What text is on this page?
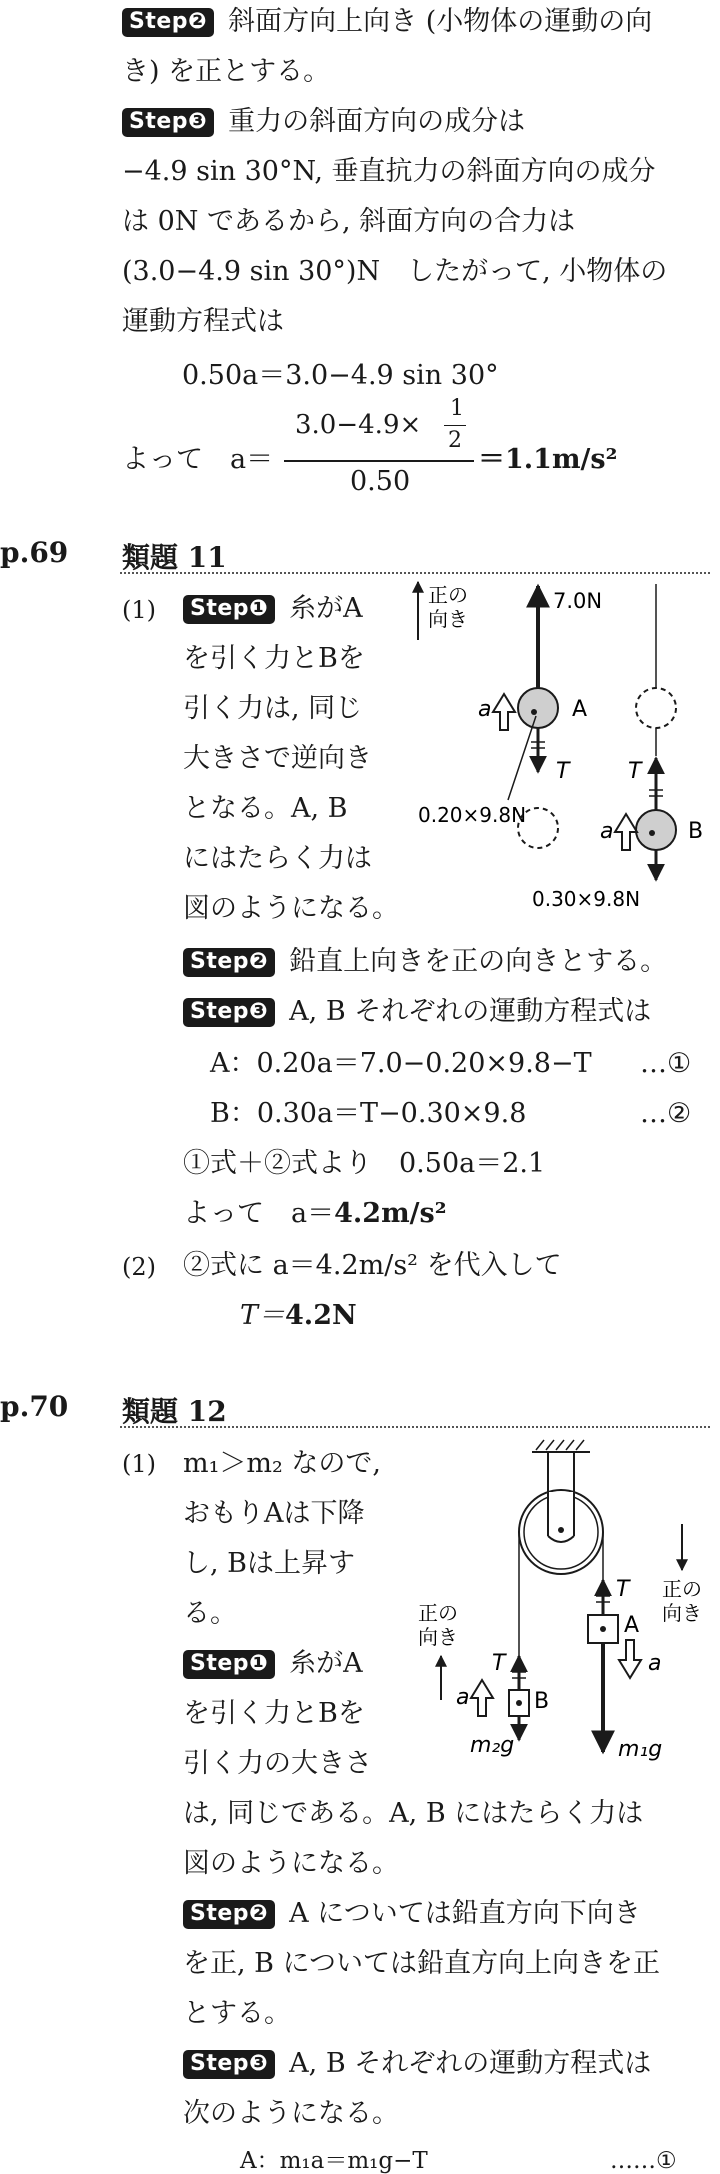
Step❷ 斜面方向上向き (小物体の運動の向
き) を正とする。
Step❸ 重力の斜面方向の成分は
−4.9 sin 30°N, 垂直抗力の斜面方向の成分
は 0N であるから, 斜面方向の合力は
(3.0−4.9 sin 30°)N　したがって, 小物体の
運動方程式は
0.50a＝3.0−4.9 sin 30°
よって　a＝
3.0−4.9×
1
2
0.50
＝1.1m/s²
p.69 類題 11
(1)	Step❶ 糸がA
を引く力とBを
引く力は, 同じ
大きさで逆向き
となる。A, B
にはたらく力は
図のようになる。
正の
向き
7.0N
A
a
T
0.20×9.8N
T
B
a
0.30×9.8N
Step❷ 鉛直上向きを正の向きとする。
Step❸ A, B それぞれの運動方程式は
A：0.20a＝7.0−0.20×9.8−T …①
B：0.30a＝T−0.30×9.8	…②
①式＋②式より　0.50a＝2.1
よって　a＝4.2m/s²
(2) ②式に a＝4.2m/s² を代入して
T＝4.2N
p.70 類題 12
(1) m₁＞m₂ なので,
おもりAは下降
し, Bは上昇す
る。
Step❶ 糸がA
を引く力とBを
引く力の大きさ
は, 同じである。A, B にはたらく力は
図のようになる。
正の
向き
正の
向き
T
A
m₁g
a
T
B
m₂g
a
Step❷ A については鉛直方向下向き
を正, B については鉛直方向上向きを正
とする。
Step❸ A, B それぞれの運動方程式は
次のようになる。
A：m₁a＝m₁g−T	……①
